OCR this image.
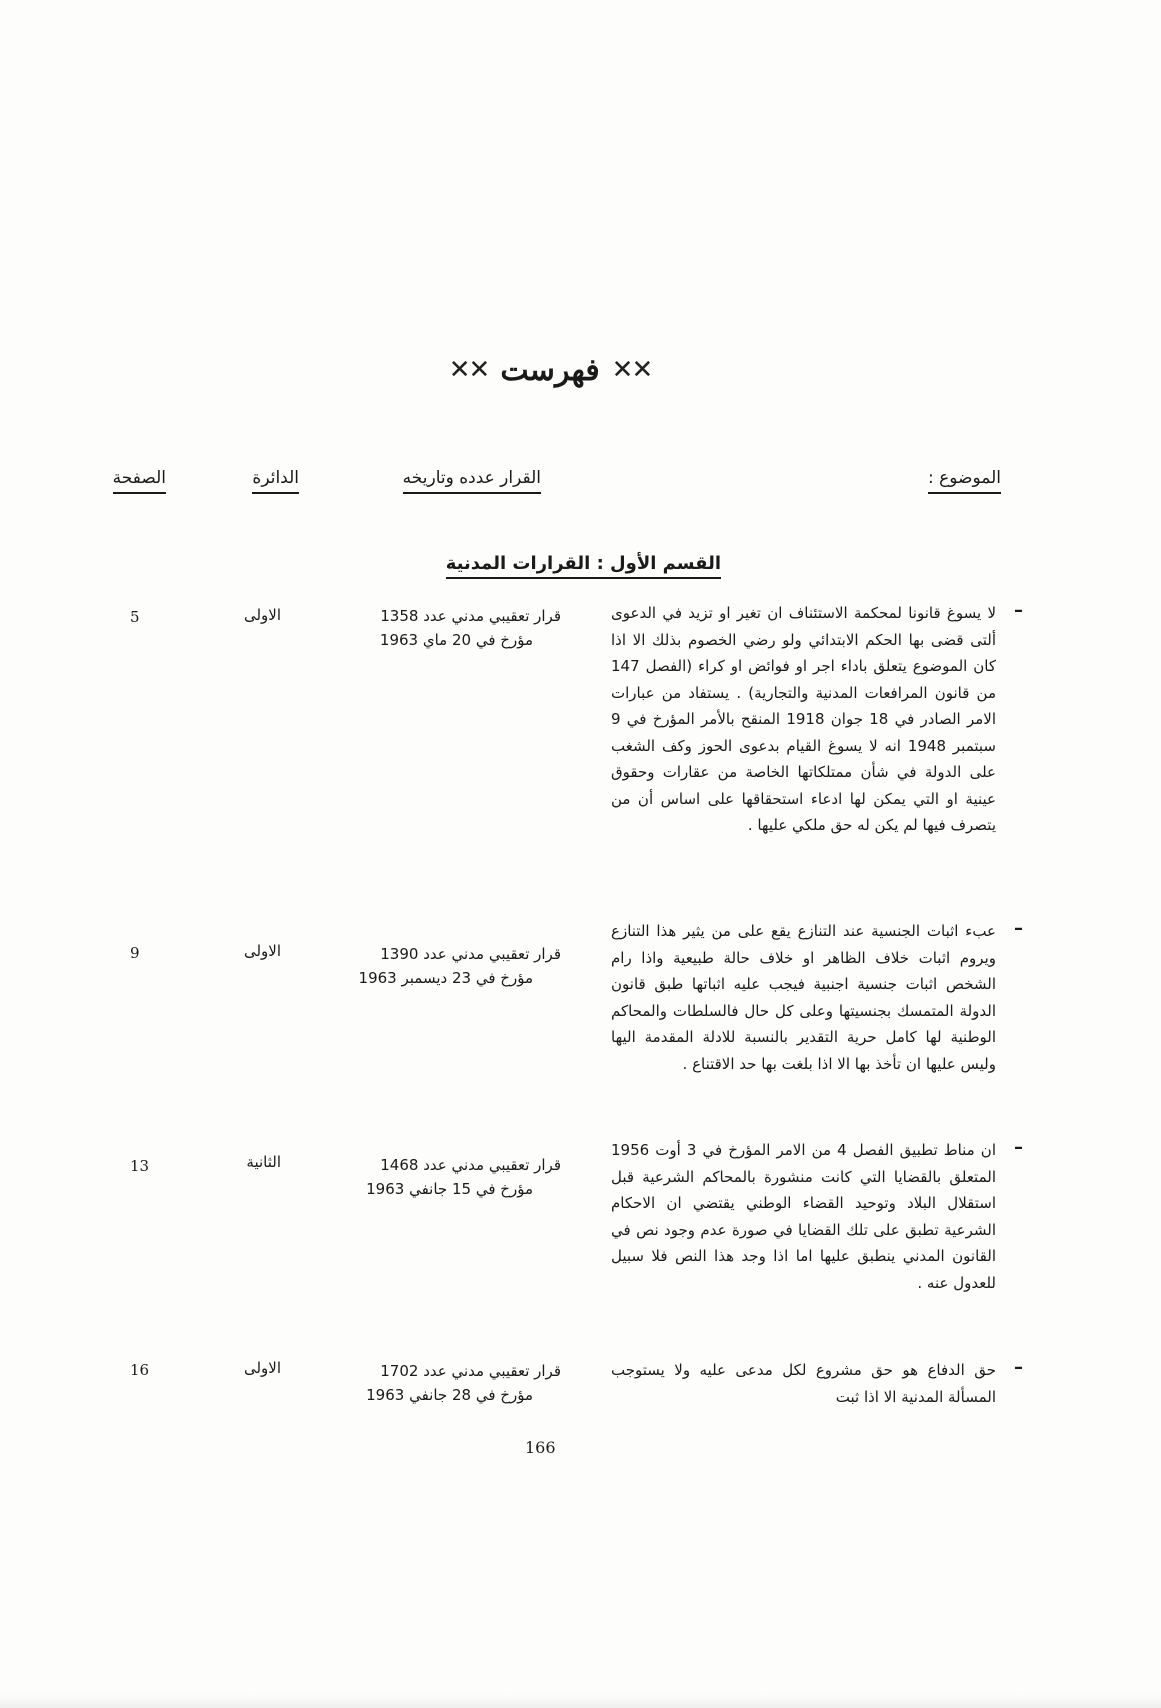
✕✕
فهرست
✕✕
الموضوع :
القرار عدده وتاريخه
الدائرة
الصفحة
القسم الأول : القرارات المدنية
–
لا يسوغ قانونا لمحكمة الاستئناف ان تغير او تزيد في الدعوى ألتى قضى بها الحكم الابتدائي ولو رضي الخصوم بذلك الا اذا كان الموضوع يتعلق باداء اجر او فوائض او كراء (الفصل 147 من قانون المرافعات المدنية والتجارية) . يستفاد من عبارات الامر الصادر في 18 جوان 1918 المنقح بالأمر المؤرخ في 9 سبتمبر 1948 انه لا يسوغ القيام بدعوى الحوز وكف الشغب على الدولة في شأن ممتلكاتها الخاصة من عقارات وحقوق عينية او التي يمكن لها ادعاء استحقاقها على اساس أن من يتصرف فيها لم يكن له حق ملكي عليها .
قرار تعقيبي مدني عدد 1358
مؤرخ في 20 ماي 1963
الاولى
5
–
عبء اثبات الجنسية عند التنازع يقع على من يثير هذا التنازع ويروم اثبات خلاف الظاهر او خلاف حالة طبيعية واذا رام الشخص اثبات جنسية اجنبية فيجب عليه اثباتها طبق قانون الدولة المتمسك بجنسيتها وعلى كل حال فالسلطات والمحاكم الوطنية لها كامل حرية التقدير بالنسبة للادلة المقدمة اليها وليس عليها ان تأخذ بها الا اذا بلغت بها حد الاقتناع .
قرار تعقيبي مدني عدد 1390
مؤرخ في 23 ديسمبر 1963
الاولى
9
–
ان مناط تطبيق الفصل 4 من الامر المؤرخ في 3 أوت 1956 المتعلق بالقضايا التي كانت منشورة بالمحاكم الشرعية قبل استقلال البلاد وتوحيد القضاء الوطني يقتضي ان الاحكام الشرعية تطبق على تلك القضايا في صورة عدم وجود نص في القانون المدني ينطبق عليها اما اذا وجد هذا النص فلا سبيل للعدول عنه .
قرار تعقيبي مدني عدد 1468
مؤرخ في 15 جانفي 1963
الثانية
13
–
حق الدفاع هو حق مشروع لكل مدعى عليه ولا يستوجب المسألة المدنية الا اذا ثبت
قرار تعقيبي مدني عدد 1702
مؤرخ في 28 جانفي 1963
الاولى
16
166
